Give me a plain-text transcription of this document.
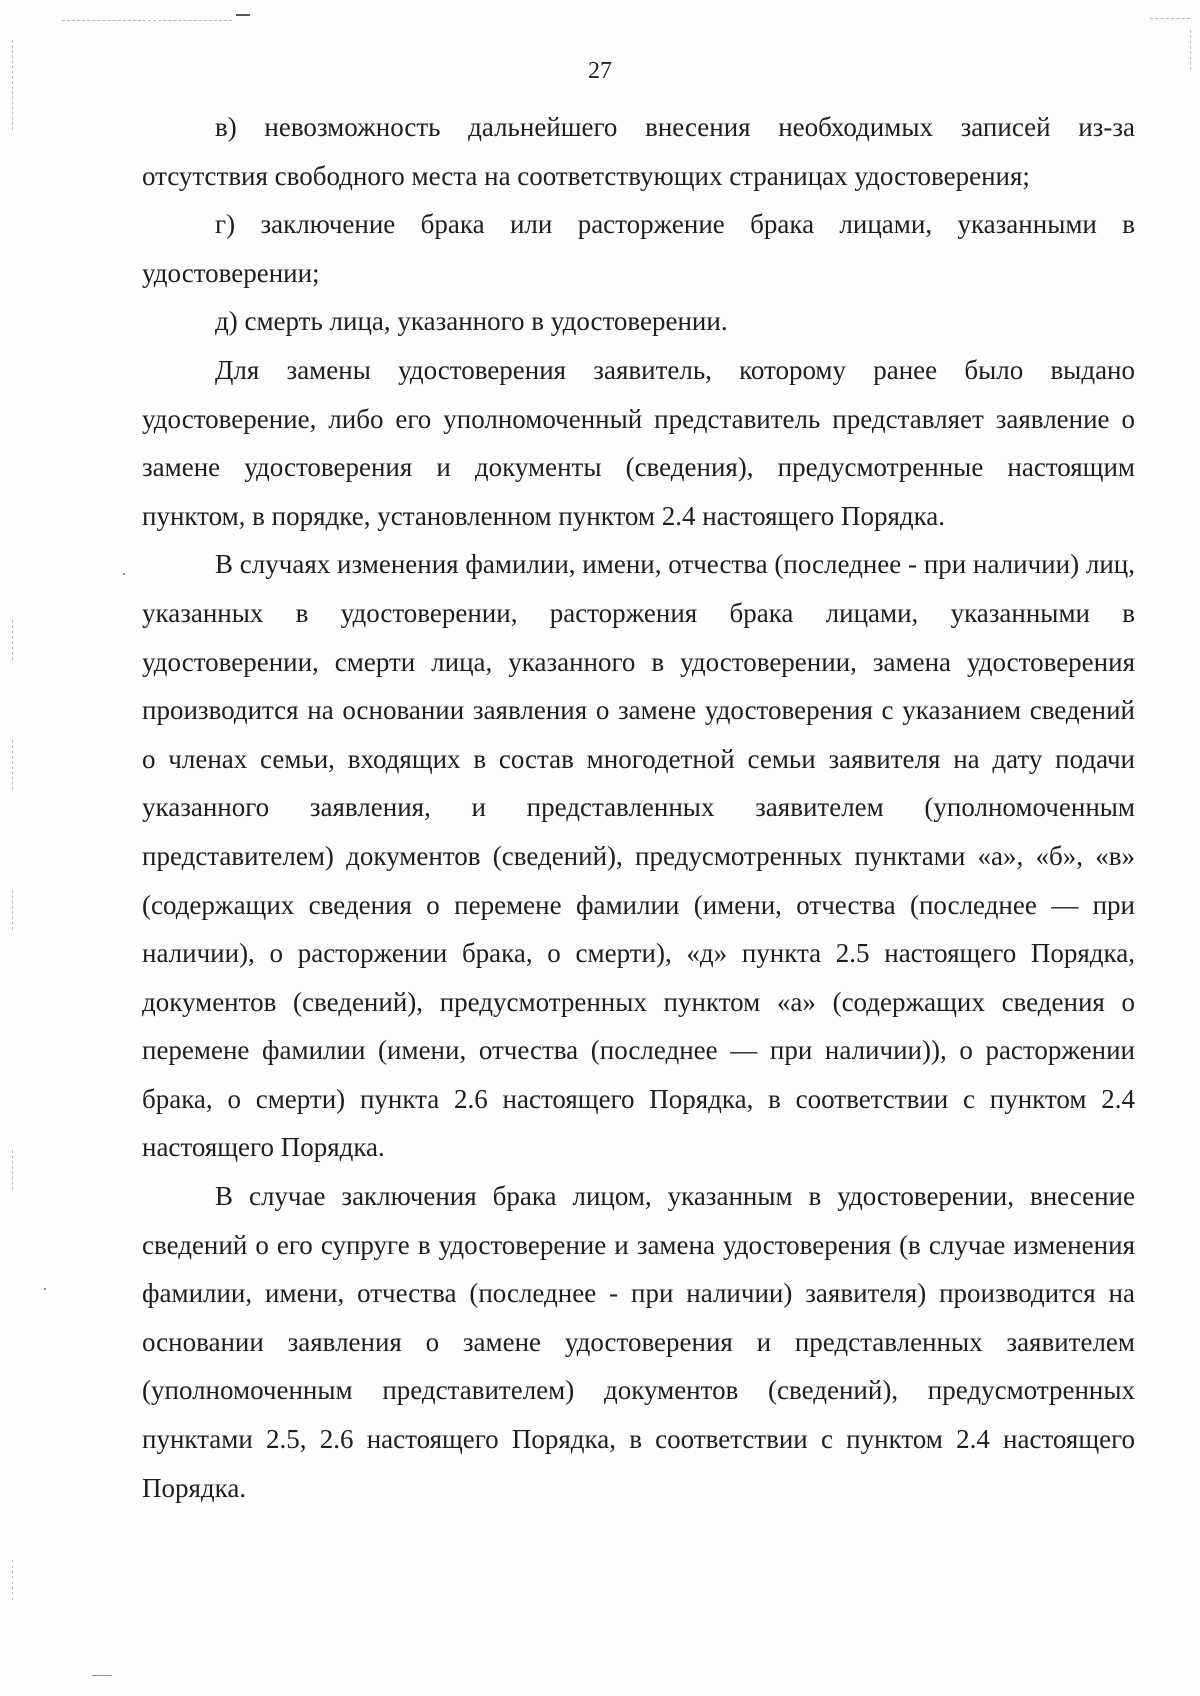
27

в) невозможность дальнейшего внесения необходимых записей из-за отсутствия свободного места на соответствующих страницах удостоверения;

г) заключение брака или расторжение брака лицами, указанными в удостоверении;

д) смерть лица, указанного в удостоверении.

Для замены удостоверения заявитель, которому ранее было выдано удостоверение, либо его уполномоченный представитель представляет заявление о замене удостоверения и документы (сведения), предусмотренные настоящим пунктом, в порядке, установленном пунктом 2.4 настоящего Порядка.

В случаях изменения фамилии, имени, отчества (последнее - при наличии) лиц, указанных в удостоверении, расторжения брака лицами, указанными в удостоверении, смерти лица, указанного в удостоверении, замена удостоверения производится на основании заявления о замене удостоверения с указанием сведений о членах семьи, входящих в состав многодетной семьи заявителя на дату подачи указанного заявления, и представленных заявителем (уполномоченным представителем) документов (сведений), предусмотренных пунктами «а», «б», «в» (содержащих сведения о перемене фамилии (имени, отчества (последнее — при наличии), о расторжении брака, о смерти), «д» пункта 2.5 настоящего Порядка, документов (сведений), предусмотренных пунктом «а» (содержащих сведения о перемене фамилии (имени, отчества (последнее — при наличии)), о расторжении брака, о смерти) пункта 2.6 настоящего Порядка, в соответствии с пунктом 2.4 настоящего Порядка.

В случае заключения брака лицом, указанным в удостоверении, внесение сведений о его супруге в удостоверение и замена удостоверения (в случае изменения фамилии, имени, отчества (последнее - при наличии) заявителя) производится на основании заявления о замене удостоверения и представленных заявителем (уполномоченным представителем) документов (сведений), предусмотренных пунктами 2.5, 2.6 настоящего Порядка, в соответствии с пунктом 2.4 настоящего Порядка.
